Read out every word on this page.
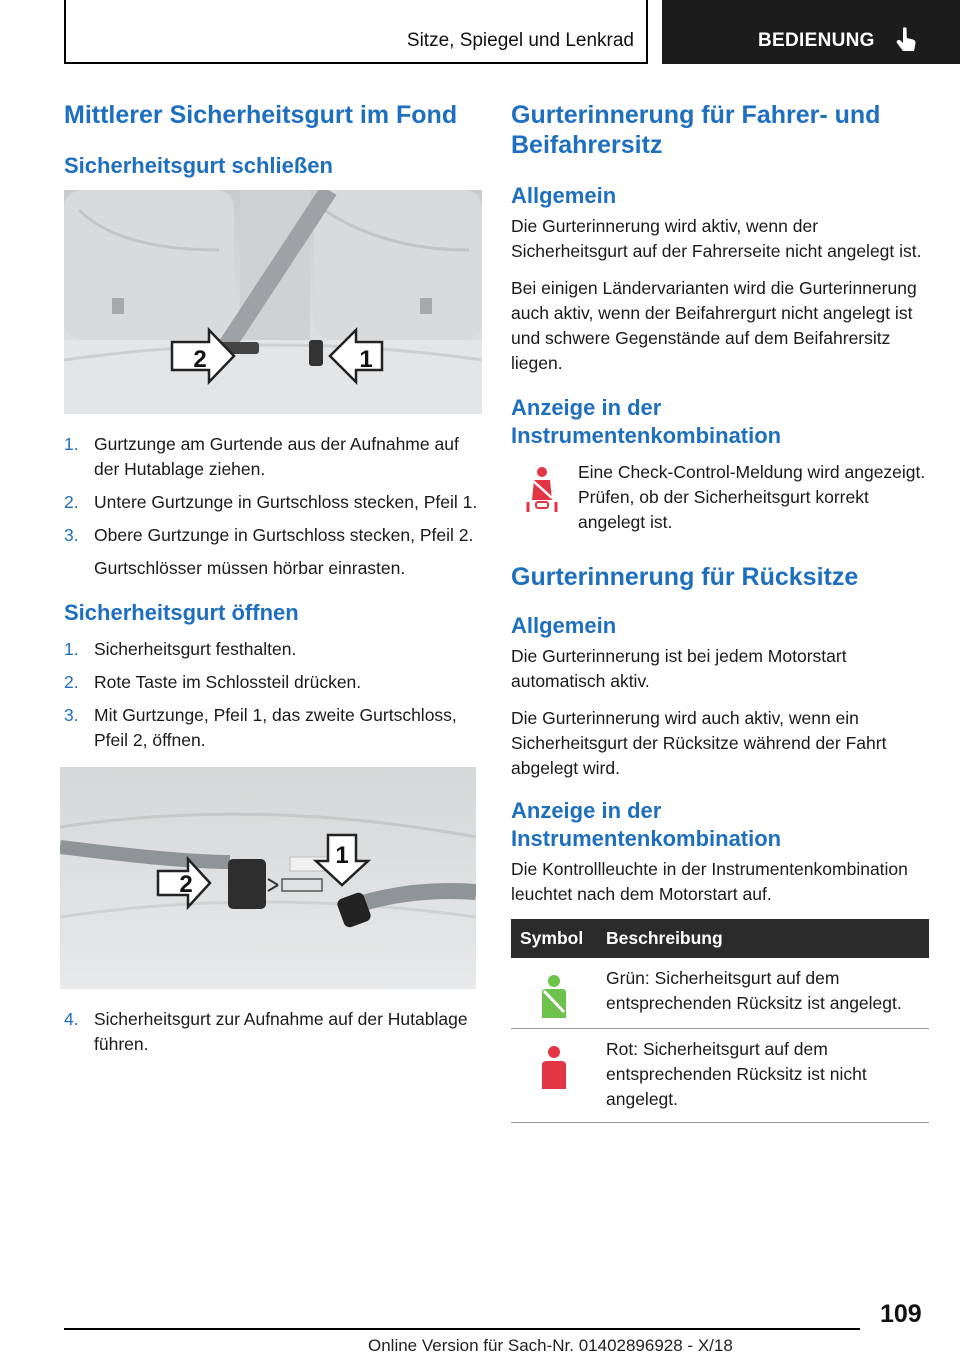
Sitze, Spiegel und Lenkrad	BEDIENUNG
Mittlerer Sicherheitsgurt im Fond
Sicherheitsgurt schließen
2	1
1. Gurtzunge am Gurtende aus der Aufnahme auf der Hutablage ziehen.
2. Untere Gurtzunge in Gurtschloss stecken, Pfeil 1.
3. Obere Gurtzunge in Gurtschloss stecken, Pfeil 2.
Gurtschlösser müssen hörbar einrasten.
Sicherheitsgurt öffnen
1. Sicherheitsgurt festhalten.
2. Rote Taste im Schlossteil drücken.
3. Mit Gurtzunge, Pfeil 1, das zweite Gurtschloss, Pfeil 2, öffnen.
2
1
4. Sicherheitsgurt zur Aufnahme auf der Hutablage führen.
Gurterinnerung für Fahrer- und Beifahrersitz
Allgemein

Die Gurterinnerung wird aktiv, wenn der Sicherheitsgurt auf der Fahrerseite nicht angelegt ist.

Bei einigen Ländervarianten wird die Gurterinnerung auch aktiv, wenn der Beifahrergurt nicht angelegt ist und schwere Gegenstände auf dem Beifahrersitz liegen.

Anzeige in der Instrumentenkombination

Eine Check-Control-Meldung wird angezeigt. Prüfen, ob der Sicherheitsgurt korrekt angelegt ist.

Gurterinnerung für Rücksitze
Allgemein

Die Gurterinnerung ist bei jedem Motorstart automatisch aktiv.

Die Gurterinnerung wird auch aktiv, wenn ein Sicherheitsgurt der Rücksitze während der Fahrt abgelegt wird.

Anzeige in der Instrumentenkombination

Die Kontrollleuchte in der Instrumentenkombination leuchtet nach dem Motorstart auf.

Symbol	Beschreibung
	Grün: Sicherheitsgurt auf dem entsprechenden Rücksitz ist angelegt.
	Rot: Sicherheitsgurt auf dem entsprechenden Rücksitz ist nicht angelegt.
109
Online Version für Sach-Nr. 01402896928 - X/18
